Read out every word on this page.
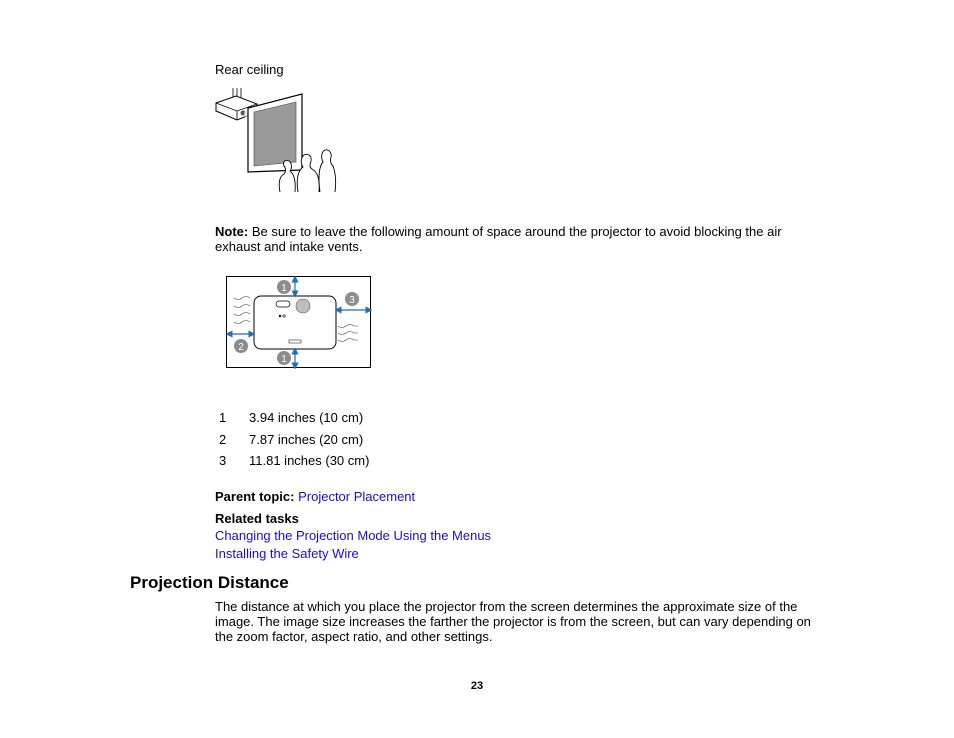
Rear ceiling
Note: Be sure to leave the following amount of space around the projector to avoid blocking the air exhaust and intake vents.
1
3
2
1
1 3.94 inches (10 cm)
2 7.87 inches (20 cm)
3 11.81 inches (30 cm)
Parent topic: Projector Placement
Related tasks
Changing the Projection Mode Using the Menus
Installing the Safety Wire
Projection Distance
The distance at which you place the projector from the screen determines the approximate size of the image. The image size increases the farther the projector is from the screen, but can vary depending on the zoom factor, aspect ratio, and other settings.
23
